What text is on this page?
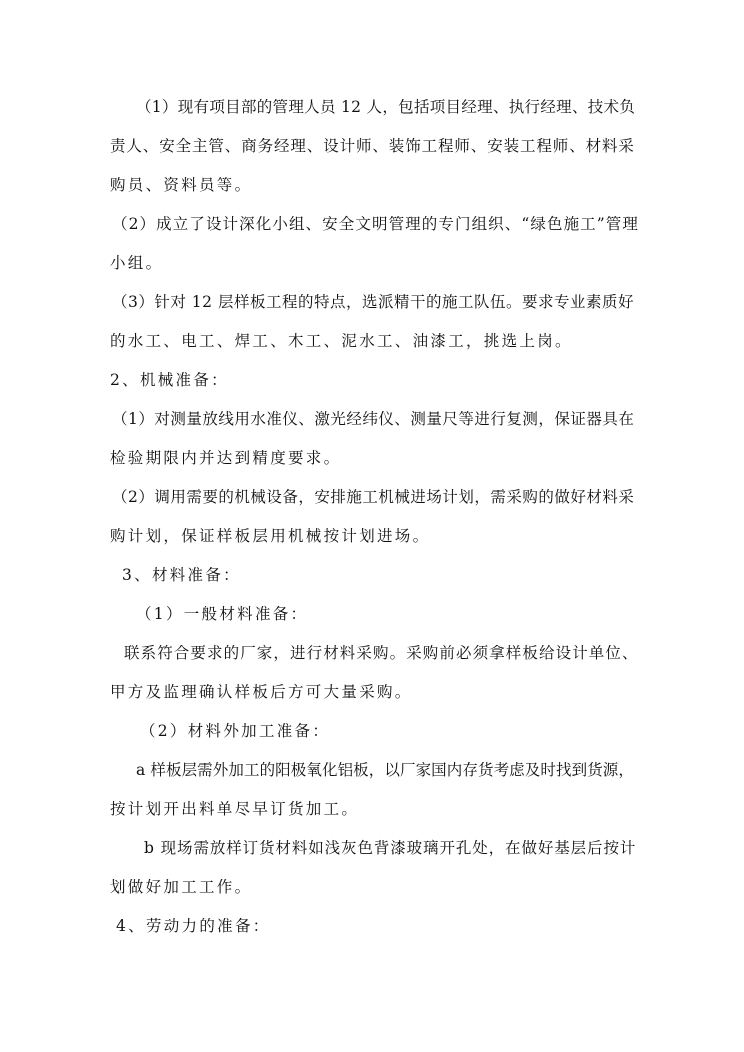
（1）现有项目部的管理人员 12 人，包括项目经理、执行经理、技术负
责人、安全主管、商务经理、设计师、装饰工程师、安装工程师、材料采
购员、资料员等。
（2）成立了设计深化小组、安全文明管理的专门组织、“绿色施工”管理
小组。
（3）针对 12 层样板工程的特点，选派精干的施工队伍。要求专业素质好
的水工、电工、焊工、木工、泥水工、油漆工，挑选上岗。
2、机械准备：
（1）对测量放线用水准仪、激光经纬仪、测量尺等进行复测，保证器具在
检验期限内并达到精度要求。
（2）调用需要的机械设备，安排施工机械进场计划，需采购的做好材料采
购计划，保证样板层用机械按计划进场。
3、材料准备：
（1）一般材料准备：
联系符合要求的厂家，进行材料采购。采购前必须拿样板给设计单位、
甲方及监理确认样板后方可大量采购。
（2）材料外加工准备：
a 样板层需外加工的阳极氧化铝板，以厂家国内存货考虑及时找到货源，
按计划开出料单尽早订货加工。
b 现场需放样订货材料如浅灰色背漆玻璃开孔处，在做好基层后按计
划做好加工工作。
4、劳动力的准备：
